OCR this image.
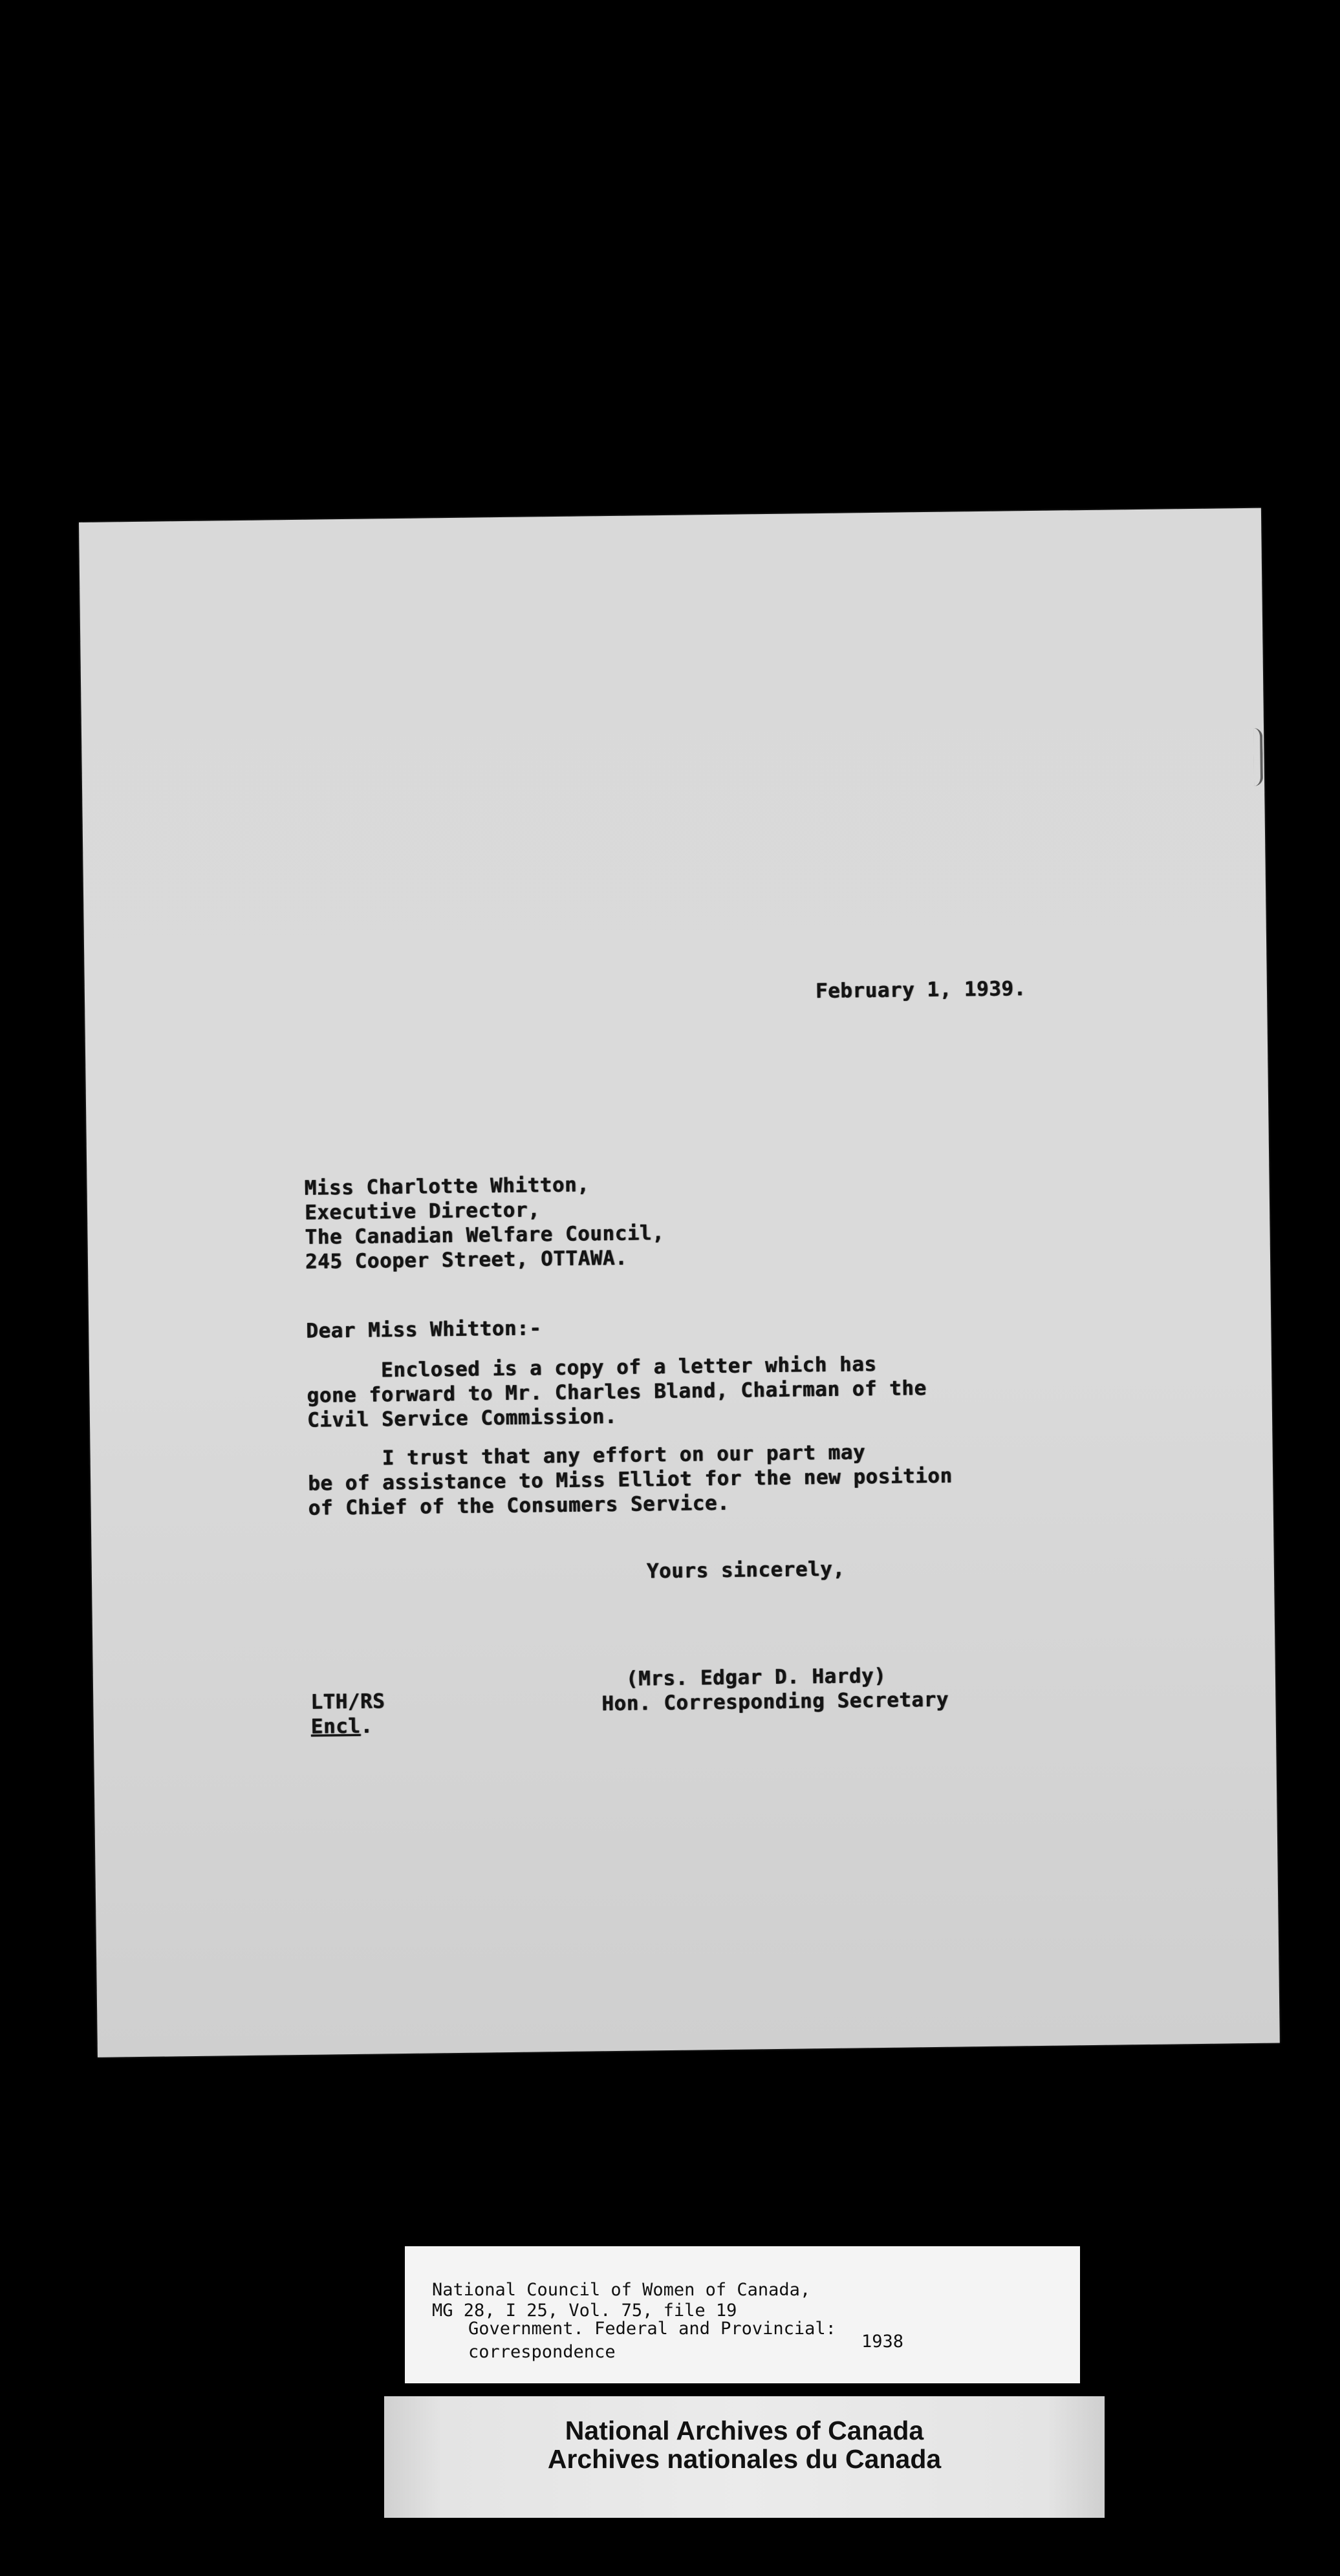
February 1, 1939.
Miss Charlotte Whitton,
Executive Director,
The Canadian Welfare Council,
245 Cooper Street, OTTAWA.
Dear Miss Whitton:-
Enclosed is a copy of a letter which has
gone forward to Mr. Charles Bland, Chairman of the
Civil Service Commission.
I trust that any effort on our part may
be of assistance to Miss Elliot for the new position
of Chief of the Consumers Service.
Yours sincerely,
(Mrs. Edgar D. Hardy)
Hon. Corresponding Secretary
LTH/RS
Encl.
National Council of Women of Canada,
MG 28, I 25, Vol. 75, file 19
Government. Federal and Provincial:
correspondence
1938
National Archives of Canada
Archives nationales du Canada
